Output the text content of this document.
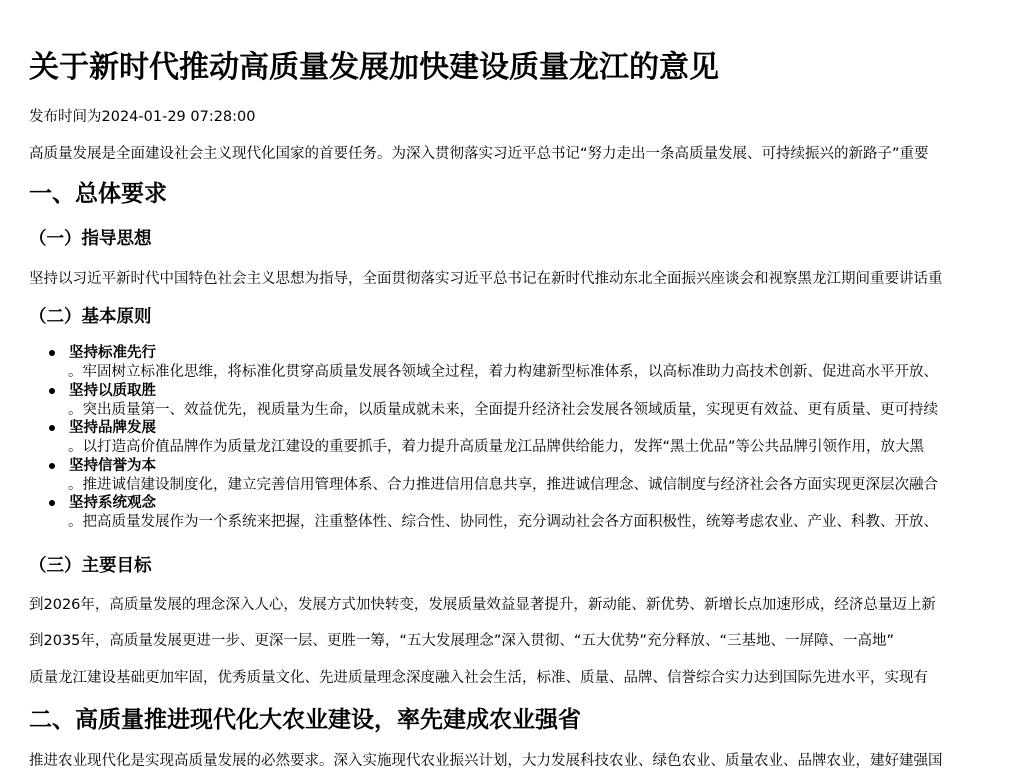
关于新时代推动高质量发展加快建设质量龙江的意见

发布时间为2024-01-29 07:28:00

高质量发展是全面建设社会主义现代化国家的首要任务。为深入贯彻落实习近平总书记“努力走出一条高质量发展、可持续振兴的新路子”重要

一、总体要求
（一）指导思想

坚持以习近平新时代中国特色社会主义思想为指导，全面贯彻落实习近平总书记在新时代推动东北全面振兴座谈会和视察黑龙江期间重要讲话重

（二）基本原则
坚持标准先行
。牢固树立标准化思维，将标准化贯穿高质量发展各领域全过程，着力构建新型标准体系，以高标准助力高技术创新、促进高水平开放、
坚持以质取胜
。突出质量第一、效益优先，视质量为生命，以质量成就未来，全面提升经济社会发展各领域质量，实现更有效益、更有质量、更可持续
坚持品牌发展
。以打造高价值品牌作为质量龙江建设的重要抓手，着力提升高质量龙江品牌供给能力，发挥“黑土优品”等公共品牌引领作用，放大黑
坚持信誉为本
。推进诚信建设制度化，建立完善信用管理体系、合力推进信用信息共享，推进诚信理念、诚信制度与经济社会各方面实现更深层次融合
坚持系统观念
。把高质量发展作为一个系统来把握，注重整体性、综合性、协同性，充分调动社会各方面积极性，统筹考虑农业、产业、科教、开放、
（三）主要目标

到2026年，高质量发展的理念深入人心，发展方式加快转变，发展质量效益显著提升，新动能、新优势、新增长点加速形成，经济总量迈上新

到2035年，高质量发展更进一步、更深一层、更胜一筹，“五大发展理念”深入贯彻、“五大优势”充分释放、“三基地、一屏障、一高地”

质量龙江建设基础更加牢固，优秀质量文化、先进质量理念深度融入社会生活，标准、质量、品牌、信誉综合实力达到国际先进水平，实现有

二、高质量推进现代化大农业建设，率先建成农业强省

推进农业现代化是实现高质量发展的必然要求。深入实施现代农业振兴计划，大力发展科技农业、绿色农业、质量农业、品牌农业，建好建强国
